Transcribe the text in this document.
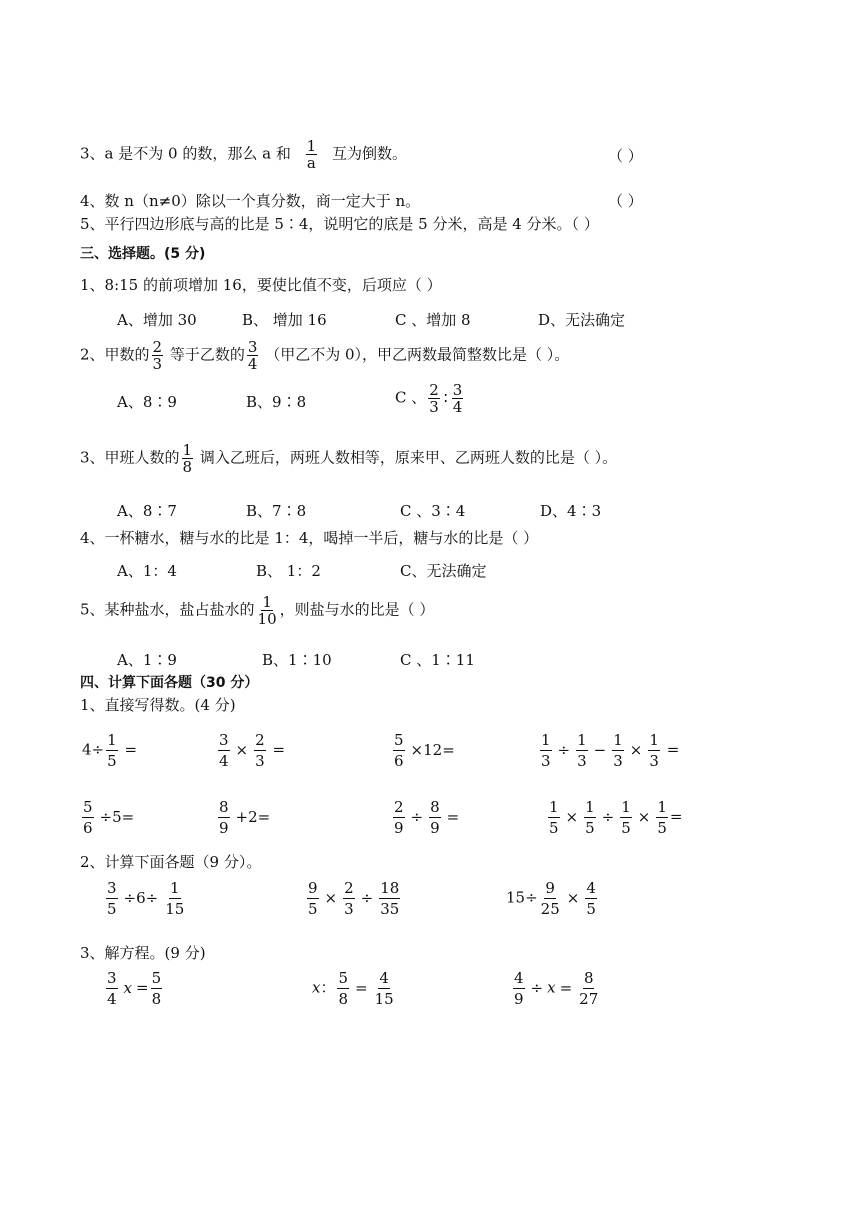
3、a 是不为 0 的数，那么 a 和 $\frac{1}{a}$ 互为倒数。	（ ）
4、数 n（n≠0）除以一个真分数，商一定大于 n。	（ ）
5、平行四边形底与高的比是 5∶4，说明它的底是 5 分米，高是 4 分米。（ ）
三、选择题。(5 分)
1、8:15 的前项增加 16，要使比值不变，后项应（ ）
A、增加 30	B、 增加 16	C 、增加 8	D、无法确定
2、甲数的 $\frac{2}{3}$ 等于乙数的 $\frac{3}{4}$ （甲乙不为 0），甲乙两数最简整数比是（ ）。
A、8∶9	B、9∶8	C 、 $\frac{2}{3}$ ∶ $\frac{3}{4}$
3、甲班人数的 $\frac{1}{8}$ 调入乙班后，两班人数相等，原来甲、乙两班人数的比是（ ）。
A、8∶7	B、7∶8	C 、3∶4	D、4∶3
4、一杯糖水，糖与水的比是 1：4，喝掉一半后，糖与水的比是（ ）
A、1：4	B、 1：2	C、无法确定
5、某种盐水，盐占盐水的 $\frac{1}{10}$ ，则盐与水的比是（ ）
A、1∶9	B、1∶10	C 、1∶11
四、计算下面各题（30 分）
1、直接写得数。(4 分)
$4\div \frac{1}{5}$ =	$\frac{3}{4} \times \frac{2}{3}$ =	$\frac{5}{6} \times 12=$	$\frac{1}{3} \div \frac{1}{3} - \frac{1}{3} \times \frac{1}{3}$ =
$\frac{5}{6} \div 5=$	$\frac{8}{9} +2=$	$\frac{2}{9} \div \frac{8}{9}$ =	$\frac{1}{5} \times \frac{1}{5} \div \frac{1}{5} \times \frac{1}{5}$ =
2、计算下面各题（9 分）。
$\frac{3}{5} \div 6\div \frac{1}{15}$	$\frac{9}{5} \times \frac{2}{3} \div \frac{18}{35}$	$15\div \frac{9}{25} \times \frac{4}{5}$
3、解方程。(9 分)
$\frac{3}{4}$ $x = \frac{5}{8}$	x： $\frac{5}{8} = \frac{4}{15}$	$\frac{4}{9} \div x = \frac{8}{27}$
